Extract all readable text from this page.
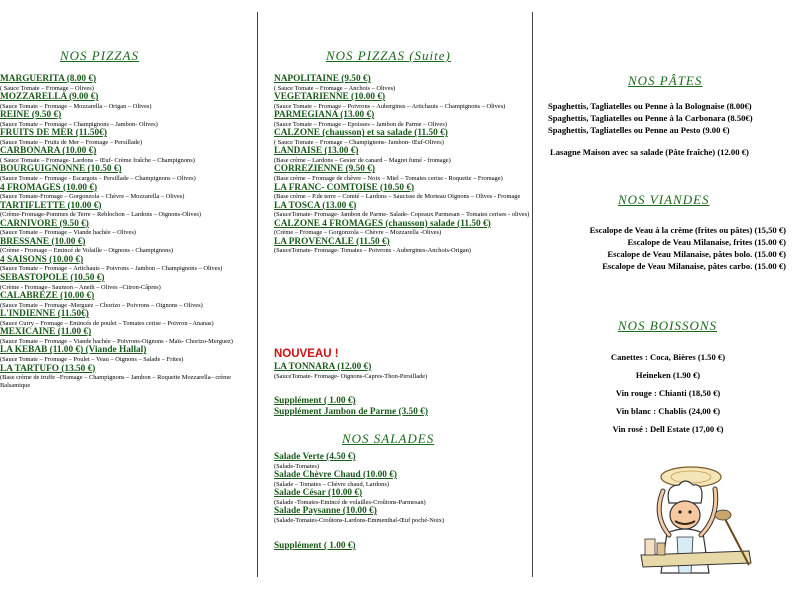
NOS PIZZAS
MARGUERITA (8.00 €)
( Sauce Tomate – Fromage – Olives)
MOZZARELLA (9.00 €)
(Sauce Tomate – Fromage – Mozzarella – Origan – Olives)
REINE (9.50 €)
(Sauce Tomate – Fromage – Champignons – Jambon- Olives)
FRUITS DE MER (11.50€)
(Sauce Tomate – Fruits de Mer – Fromage – Persillade)
CARBONARA (10.00 €)
( Sauce Tomate – Fromage- Lardons – Œuf- Crème fraîche – Champignons)
BOURGUIGNONNE (10.50 €)
(Sauce Tomate – Fromage - Escargots – Persillade – Champignons – Olives)
4 FROMAGES (10.00 €)
(Sauce Tomate-Fromage – Gorgonzola – Chèvre – Mozzarella – Olives)
TARTIFLETTE (10.00 €)
(Crème-Fromage-Pommes de Terre – Reblochon – Lardons – Oignons-Olives)
CARNIVORE (9.50 €)
(Sauce Tomate – Fromage – Viande hachée – Olives)
BRESSANE (10.00 €)
(Crème - Fromage – Emincé de Volaille – Oignons - Champignons)
4 SAISONS (10.00 €)
(Sauce Tomate – Fromage – Artichauts – Poivrons – Jambon – Champignons – Olives)
SEBASTOPOLE (10.50 €)
(Crème - Fromage– Saumon – Aneth – Olives –Citron-Câpres)
CALABREZE (10.00 €)
(Sauce Tomate – Fromage -Merguez – Chorizo – Poivrons – Oignons – Olives)
L'INDIENNE (11.50€)
(Sauce Curry – Fromage – Emincés de poulet – Tomates cerise – Poivron –Ananas)
MEXICAINE (11.00 €)
(Sauce Tomate – Fromage – Viande hachée – Poivrons-Oignons - Maïs- Chorizo-Merguez)
LA KEBAB (11.00 €) (Viande Hallal)
(Sauce Tomate – Fromage – Poulet – Veau – Oignons – Salade – Frites)
LA TARTUFO (13.50 €)
(Base crème de truffe –Fromage – Champignons – Jambon – Roquette Mozzarella– crème Balsamique
NOS PIZZAS (Suite)
NAPOLITAINE (9.50 €)
( Sauce Tomate – Fromage – Anchois – Olives)
VEGETARIENNE (10.00 €)
(Sauce Tomate – Fromage – Poivrons – Aubergines – Artichauts – Champignons – Olives)
PARMEGIANA (13.00 €)
(Sauce Tomate – Fromage – Epoisses – Jambon de Parme – Olives)
CALZONE (chausson) et sa salade (11.50 €)
( Sauce Tomate – Fromage – Champignons- Jambon- Œuf-Olives)
LANDAISE (13.00 €)
(Base crème – Lardons – Gesier de canard – Magret fumé - fromage)
CORREZIENNE (9.50 €)
(Base crème – Fromage de chèvre – Noix – Miel – Tomates cerise - Roquette – Fromage)
LA FRANC- COMTOISE (10.50 €)
(Base crème – P.de terre – Comté – Lardons – Saucisse de Morteau Oignons – Olives - Fromage
LA TOSCA (13.00 €)
(SauceTomate- Fromage- Jambon de Parme- Salade- Copeaux Parmesan – Tomates cerises - olives)
CALZONE 4 FROMAGES (chausson) salade (11.50 €)
(Crème – Fromage – Gorgonzola – Chèvre – Mozzarella -Olives)
LA PROVENCALE (11.50 €)
(SauceTomate- Fromage- Tomates – Poivrons - Aubergines-Anchois-Origan)
NOUVEAU !
LA TONNARA (12.00 €)
(SauceTomate- Fromage- Oignons-Capres-Thon-Persillade)
Supplément ( 1.00 €)
Supplément Jambon de Parme (3.50 €)
NOS SALADES
Salade Verte (4.50 €)
(Salade-Tomates)
Salade Chèvre Chaud (10.00 €)
(Salade – Tomates – Chèvre chaud, Lardons)
Salade César (10.00 €)
(Salade -Tomates-Emincé de volailles-Croûtons-Parmesan)
Salade Paysanne (10.00 €)
(Salade-Tomates-Croûtons-Lardons-Emmenthal-Œuf poché-Noix)
Supplément ( 1.00 €)
NOS PÂTES
Spaghettis, Tagliatelles ou Penne à la Bolognaise (8.00€)
Spaghettis, Tagliatelles ou Penne à la Carbonara (8.50€)
Spaghettis, Tagliatelles ou Penne au Pesto (9.00 €)
Lasagne Maison avec sa salade (Pâte fraîche) (12.00 €)
NOS VIANDES
Escalope de Veau à la crème (frites ou pâtes) (15,50 €)
Escalope de Veau Milanaise, frites (15.00 €)
Escalope de Veau Milanaise, pâtes bolo. (15.00 €)
Escalope de Veau Milanaise, pâtes carbo. (15.00 €)
NOS BOISSONS
Canettes : Coca, Bières (1.50 €)
Heineken (1.90 €)
Vin rouge : Chianti (18,50 €)
Vin blanc : Chablis (24,00 €)
Vin rosé : Dell Estate (17,00 €)
